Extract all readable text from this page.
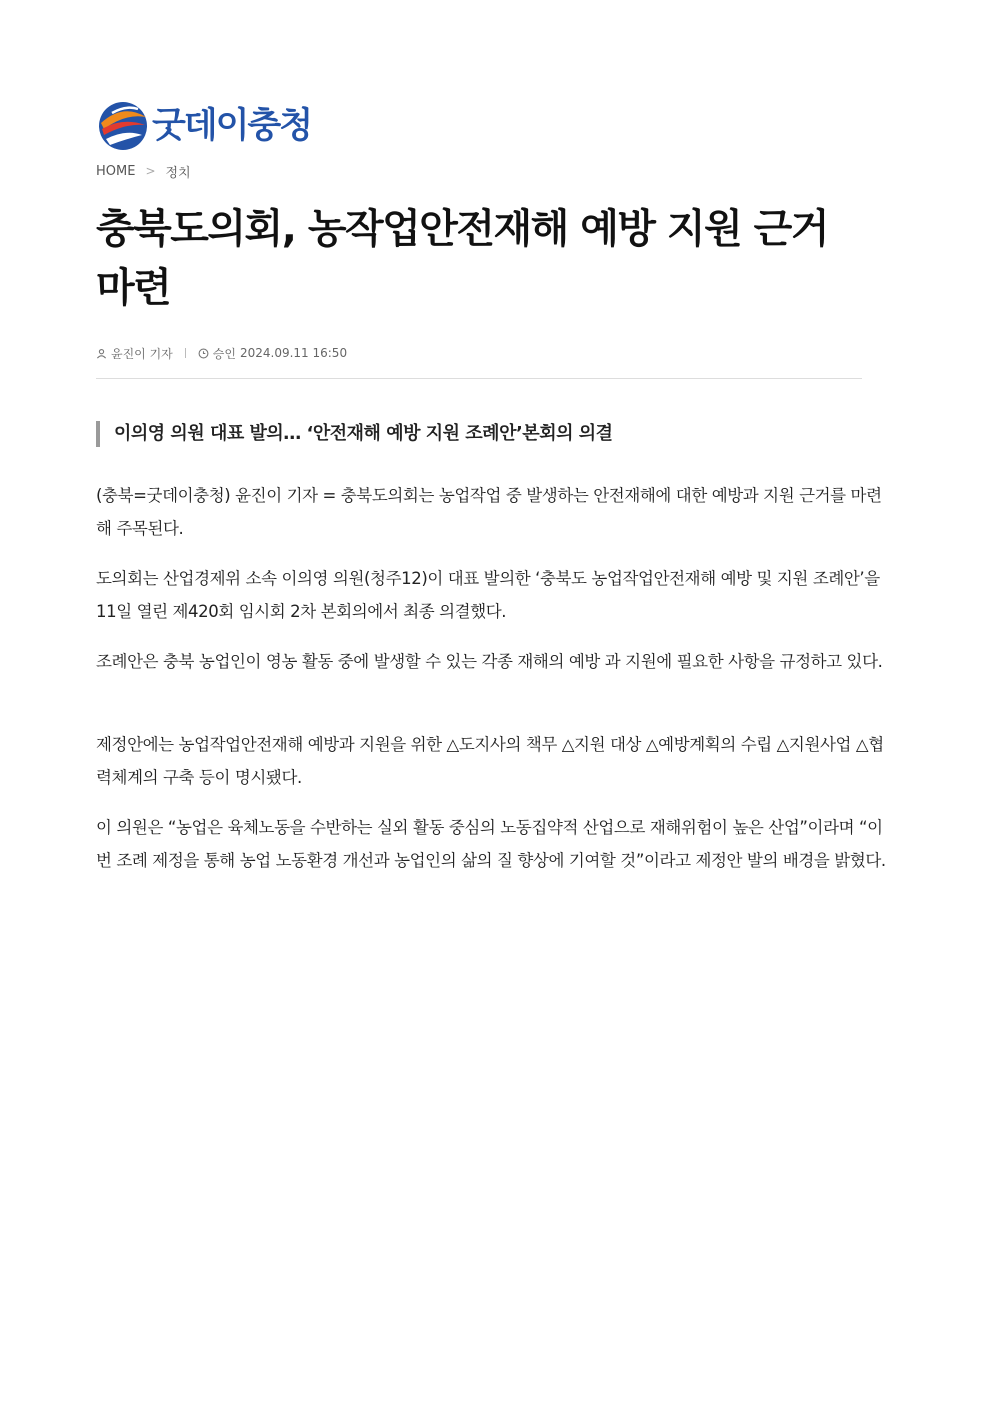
굿데이충청
HOME > 정치
충북도의회, 농작업안전재해 예방 지원 근거 마련
윤진이 기자	승인 2024.09.11 16:50
이의영 의원 대표 발의… ‘안전재해 예방 지원 조례안’본회의 의결

(충북=굿데이충청) 윤진이 기자 = 충북도의회는 농업작업 중 발생하는 안전재해에 대한 예방과 지원 근거를 마련해 주목된다.

도의회는 산업경제위 소속 이의영 의원(청주12)이 대표 발의한 ‘충북도 농업작업안전재해 예방 및 지원 조례안’을 11일 열린 제420회 임시회 2차 본회의에서 최종 의결했다.

조례안은 충북 농업인이 영농 활동 중에 발생할 수 있는 각종 재해의 예방 과 지원에 필요한 사항을 규정하고 있다.

제정안에는 농업작업안전재해 예방과 지원을 위한 △도지사의 책무 △지원 대상 △예방계획의 수립 △지원사업 △협력체계의 구축 등이 명시됐다.

이 의원은 “농업은 육체노동을 수반하는 실외 활동 중심의 노동집약적 산업으로 재해위험이 높은 산업”이라며 “이번 조례 제정을 통해 농업 노동환경 개선과 농업인의 삶의 질 향상에 기여할 것”이라고 제정안 발의 배경을 밝혔다.
